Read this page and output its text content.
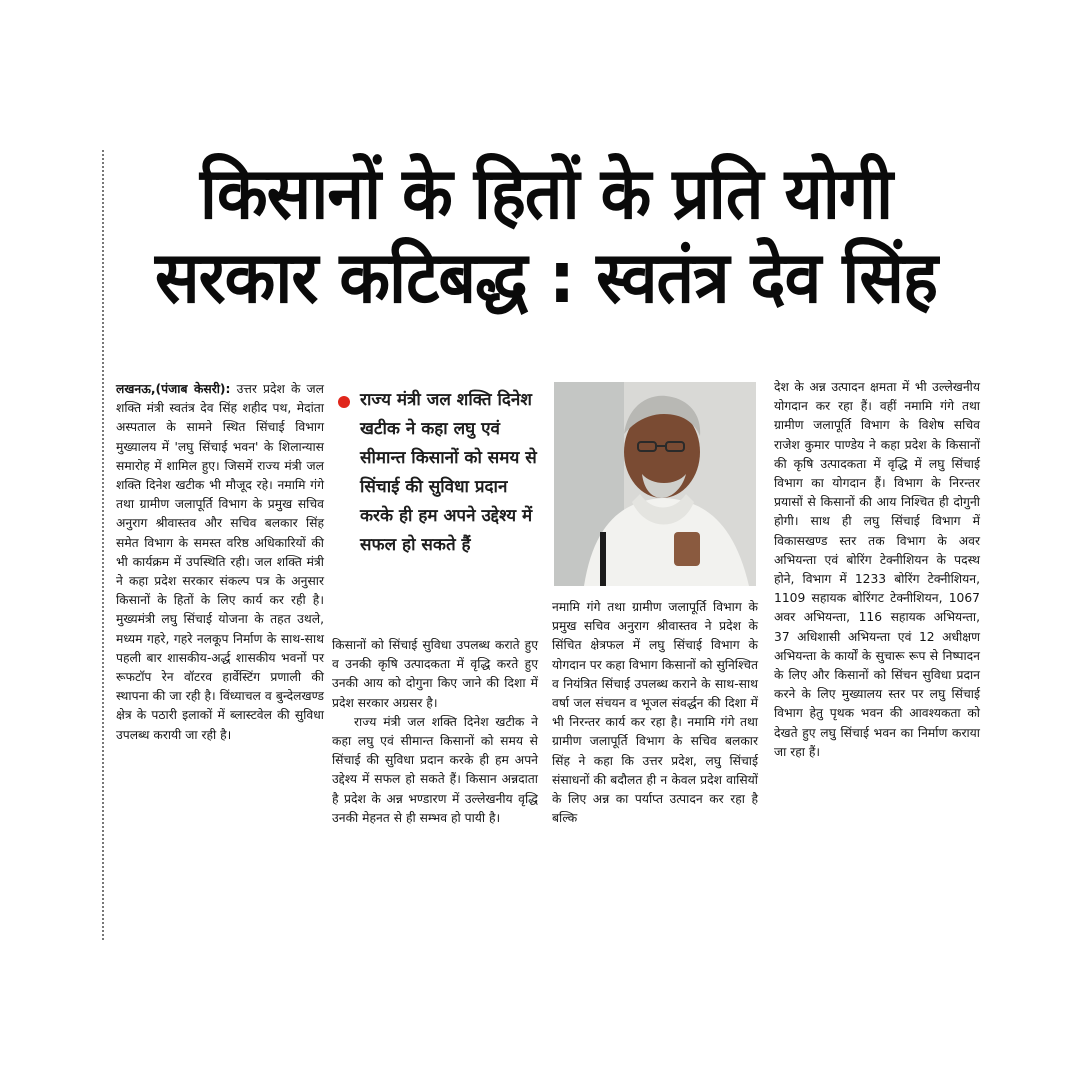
किसानों के हितों के प्रति योगी
सरकार कटिबद्ध : स्वतंत्र देव सिंह
लखनऊ,(पंजाब केसरी): उत्तर प्रदेश के जल शक्ति मंत्री स्वतंत्र देव सिंह शहीद पथ, मेदांता अस्पताल के सामने स्थित सिंचाई विभाग मुख्यालय में 'लघु सिंचाई भवन' के शिलान्यास समारोह में शामिल हुए। जिसमें राज्य मंत्री जल शक्ति दिनेश खटीक भी मौजूद रहे। नमामि गंगे तथा ग्रामीण जलापूर्ति विभाग के प्रमुख सचिव अनुराग श्रीवास्तव और सचिव बलकार सिंह समेत विभाग के समस्त वरिष्ठ अधिकारियों की भी कार्यक्रम में उपस्थिति रही। जल शक्ति मंत्री ने कहा प्रदेश सरकार संकल्प पत्र के अनुसार किसानों के हितों के लिए कार्य कर रही है। मुख्यमंत्री लघु सिंचाई योजना के तहत उथले, मध्यम गहरे, गहरे नलकूप निर्माण के साथ-साथ पहली बार शासकीय-अर्द्ध शासकीय भवनों पर रूफटॉप रेन वॉटरव हार्वेस्टिंग प्रणाली की स्थापना की जा रही है। विंध्याचल व बुन्देलखण्ड क्षेत्र के पठारी इलाकों में ब्लास्टवेल की सुविधा उपलब्ध करायी जा रही है।
राज्य मंत्री जल शक्ति दिनेश खटीक ने कहा लघु एवं सीमान्त किसानों को समय से सिंचाई की सुविधा प्रदान करके ही हम अपने उद्देश्य में सफल हो सकते हैं
किसानों को सिंचाई सुविधा उपलब्ध कराते हुए व उनकी कृषि उत्पादकता में वृद्धि करते हुए उनकी आय को दोगुना किए जाने की दिशा में प्रदेश सरकार अग्रसर है।
राज्य मंत्री जल शक्ति दिनेश खटीक ने कहा लघु एवं सीमान्त किसानों को समय से सिंचाई की सुविधा प्रदान करके ही हम अपने उद्देश्य में सफल हो सकते हैं। किसान अन्नदाता है प्रदेश के अन्न भण्डारण में उल्लेखनीय वृद्धि उनकी मेहनत से ही सम्भव हो पायी है।
नमामि गंगे तथा ग्रामीण जलापूर्ति विभाग के प्रमुख सचिव अनुराग श्रीवास्तव ने प्रदेश के सिंचित क्षेत्रफल में लघु सिंचाई विभाग के योगदान पर कहा विभाग किसानों को सुनिश्चित व नियंत्रित सिंचाई उपलब्ध कराने के साथ-साथ वर्षा जल संचयन व भूजल संवर्द्धन की दिशा में भी निरन्तर कार्य कर रहा है। नमामि गंगे तथा ग्रामीण जलापूर्ति विभाग के सचिव बलकार सिंह ने कहा कि उत्तर प्रदेश, लघु सिंचाई संसाधनों की बदौलत ही न केवल प्रदेश वासियों के लिए अन्न का पर्याप्त उत्पादन कर रहा है बल्कि
देश के अन्न उत्पादन क्षमता में भी उल्लेखनीय योगदान कर रहा हैं। वहीं नमामि गंगे तथा ग्रामीण जलापूर्ति विभाग के विशेष सचिव राजेश कुमार पाण्डेय ने कहा प्रदेश के किसानों की कृषि उत्पादकता में वृद्धि में लघु सिंचाई विभाग का योगदान हैं। विभाग के निरन्तर प्रयासों से किसानों की आय निश्चित ही दोगुनी होगी। साथ ही लघु सिंचाई विभाग में विकासखण्ड स्तर तक विभाग के अवर अभियन्ता एवं बोरिंग टेक्नीशियन के पदस्थ होने, विभाग में 1233 बोरिंग टेक्नीशियन, 1109 सहायक बोरिंगट टेक्नीशियन, 1067 अवर अभियन्ता, 116 सहायक अभियन्ता, 37 अधिशासी अभियन्ता एवं 12 अधीक्षण अभियन्ता के कार्यों के सुचारू रूप से निष्पादन के लिए और किसानों को सिंचन सुविधा प्रदान करने के लिए मुख्यालय स्तर पर लघु सिंचाई विभाग हेतु पृथक भवन की आवश्यकता को देखते हुए लघु सिंचाई भवन का निर्माण कराया जा रहा हैं।
